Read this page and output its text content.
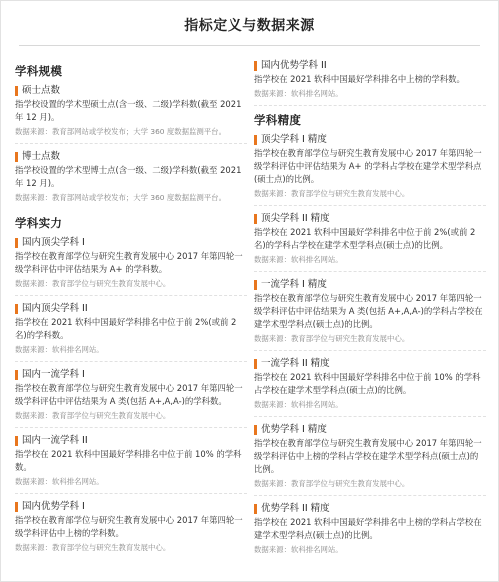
指标定义与数据来源
学科规模
硕士点数
指学校设置的学术型硕士点(含一级、二级)学科数(截至 2021 年 12 月)。
数据来源：教育部网站或学校发布；大学 360 度数据监测平台。
博士点数
指学校设置的学术型博士点(含一级、二级)学科数(截至 2021 年 12 月)。
数据来源：教育部网站或学校发布；大学 360 度数据监测平台。
学科实力
国内顶尖学科 I
指学校在教育部学位与研究生教育发展中心 2017 年第四轮一级学科评估中评估结果为 A+ 的学科数。
数据来源：教育部学位与研究生教育发展中心。
国内顶尖学科 II
指学校在 2021 软科中国最好学科排名中位于前 2%(或前 2 名)的学科数。
数据来源：软科排名网站。
国内一流学科 I
指学校在教育部学位与研究生教育发展中心 2017 年第四轮一级学科评估中评估结果为 A 类(包括 A+,A,A-)的学科数。
数据来源：教育部学位与研究生教育发展中心。
国内一流学科 II
指学校在 2021 软科中国最好学科排名中位于前 10% 的学科数。
数据来源：软科排名网站。
国内优势学科 I
指学校在教育部学位与研究生教育发展中心 2017 年第四轮一级学科评估中上榜的学科数。
数据来源：教育部学位与研究生教育发展中心。
国内优势学科 II
指学校在 2021 软科中国最好学科排名中上榜的学科数。
数据来源：软科排名网站。
学科精度
顶尖学科 I 精度
指学校在教育部学位与研究生教育发展中心 2017 年第四轮一级学科评估中评估结果为 A+ 的学科占学校在建学术型学科点(硕士点)的比例。
数据来源：教育部学位与研究生教育发展中心。
顶尖学科 II 精度
指学校在 2021 软科中国最好学科排名中位于前 2%(或前 2 名)的学科占学校在建学术型学科点(硕士点)的比例。
数据来源：软科排名网站。
一流学科 I 精度
指学校在教育部学位与研究生教育发展中心 2017 年第四轮一级学科评估中评估结果为 A 类(包括 A+,A,A-)的学科占学校在建学术型学科点(硕士点)的比例。
数据来源：教育部学位与研究生教育发展中心。
一流学科 II 精度
指学校在 2021 软科中国最好学科排名中位于前 10% 的学科占学校在建学术型学科点(硕士点)的比例。
数据来源：软科排名网站。
优势学科 I 精度
指学校在教育部学位与研究生教育发展中心 2017 年第四轮一级学科评估中上榜的学科占学校在建学术型学科点(硕士点)的比例。
数据来源：教育部学位与研究生教育发展中心。
优势学科 II 精度
指学校在 2021 软科中国最好学科排名中上榜的学科占学校在建学术型学科点(硕士点)的比例。
数据来源：软科排名网站。
